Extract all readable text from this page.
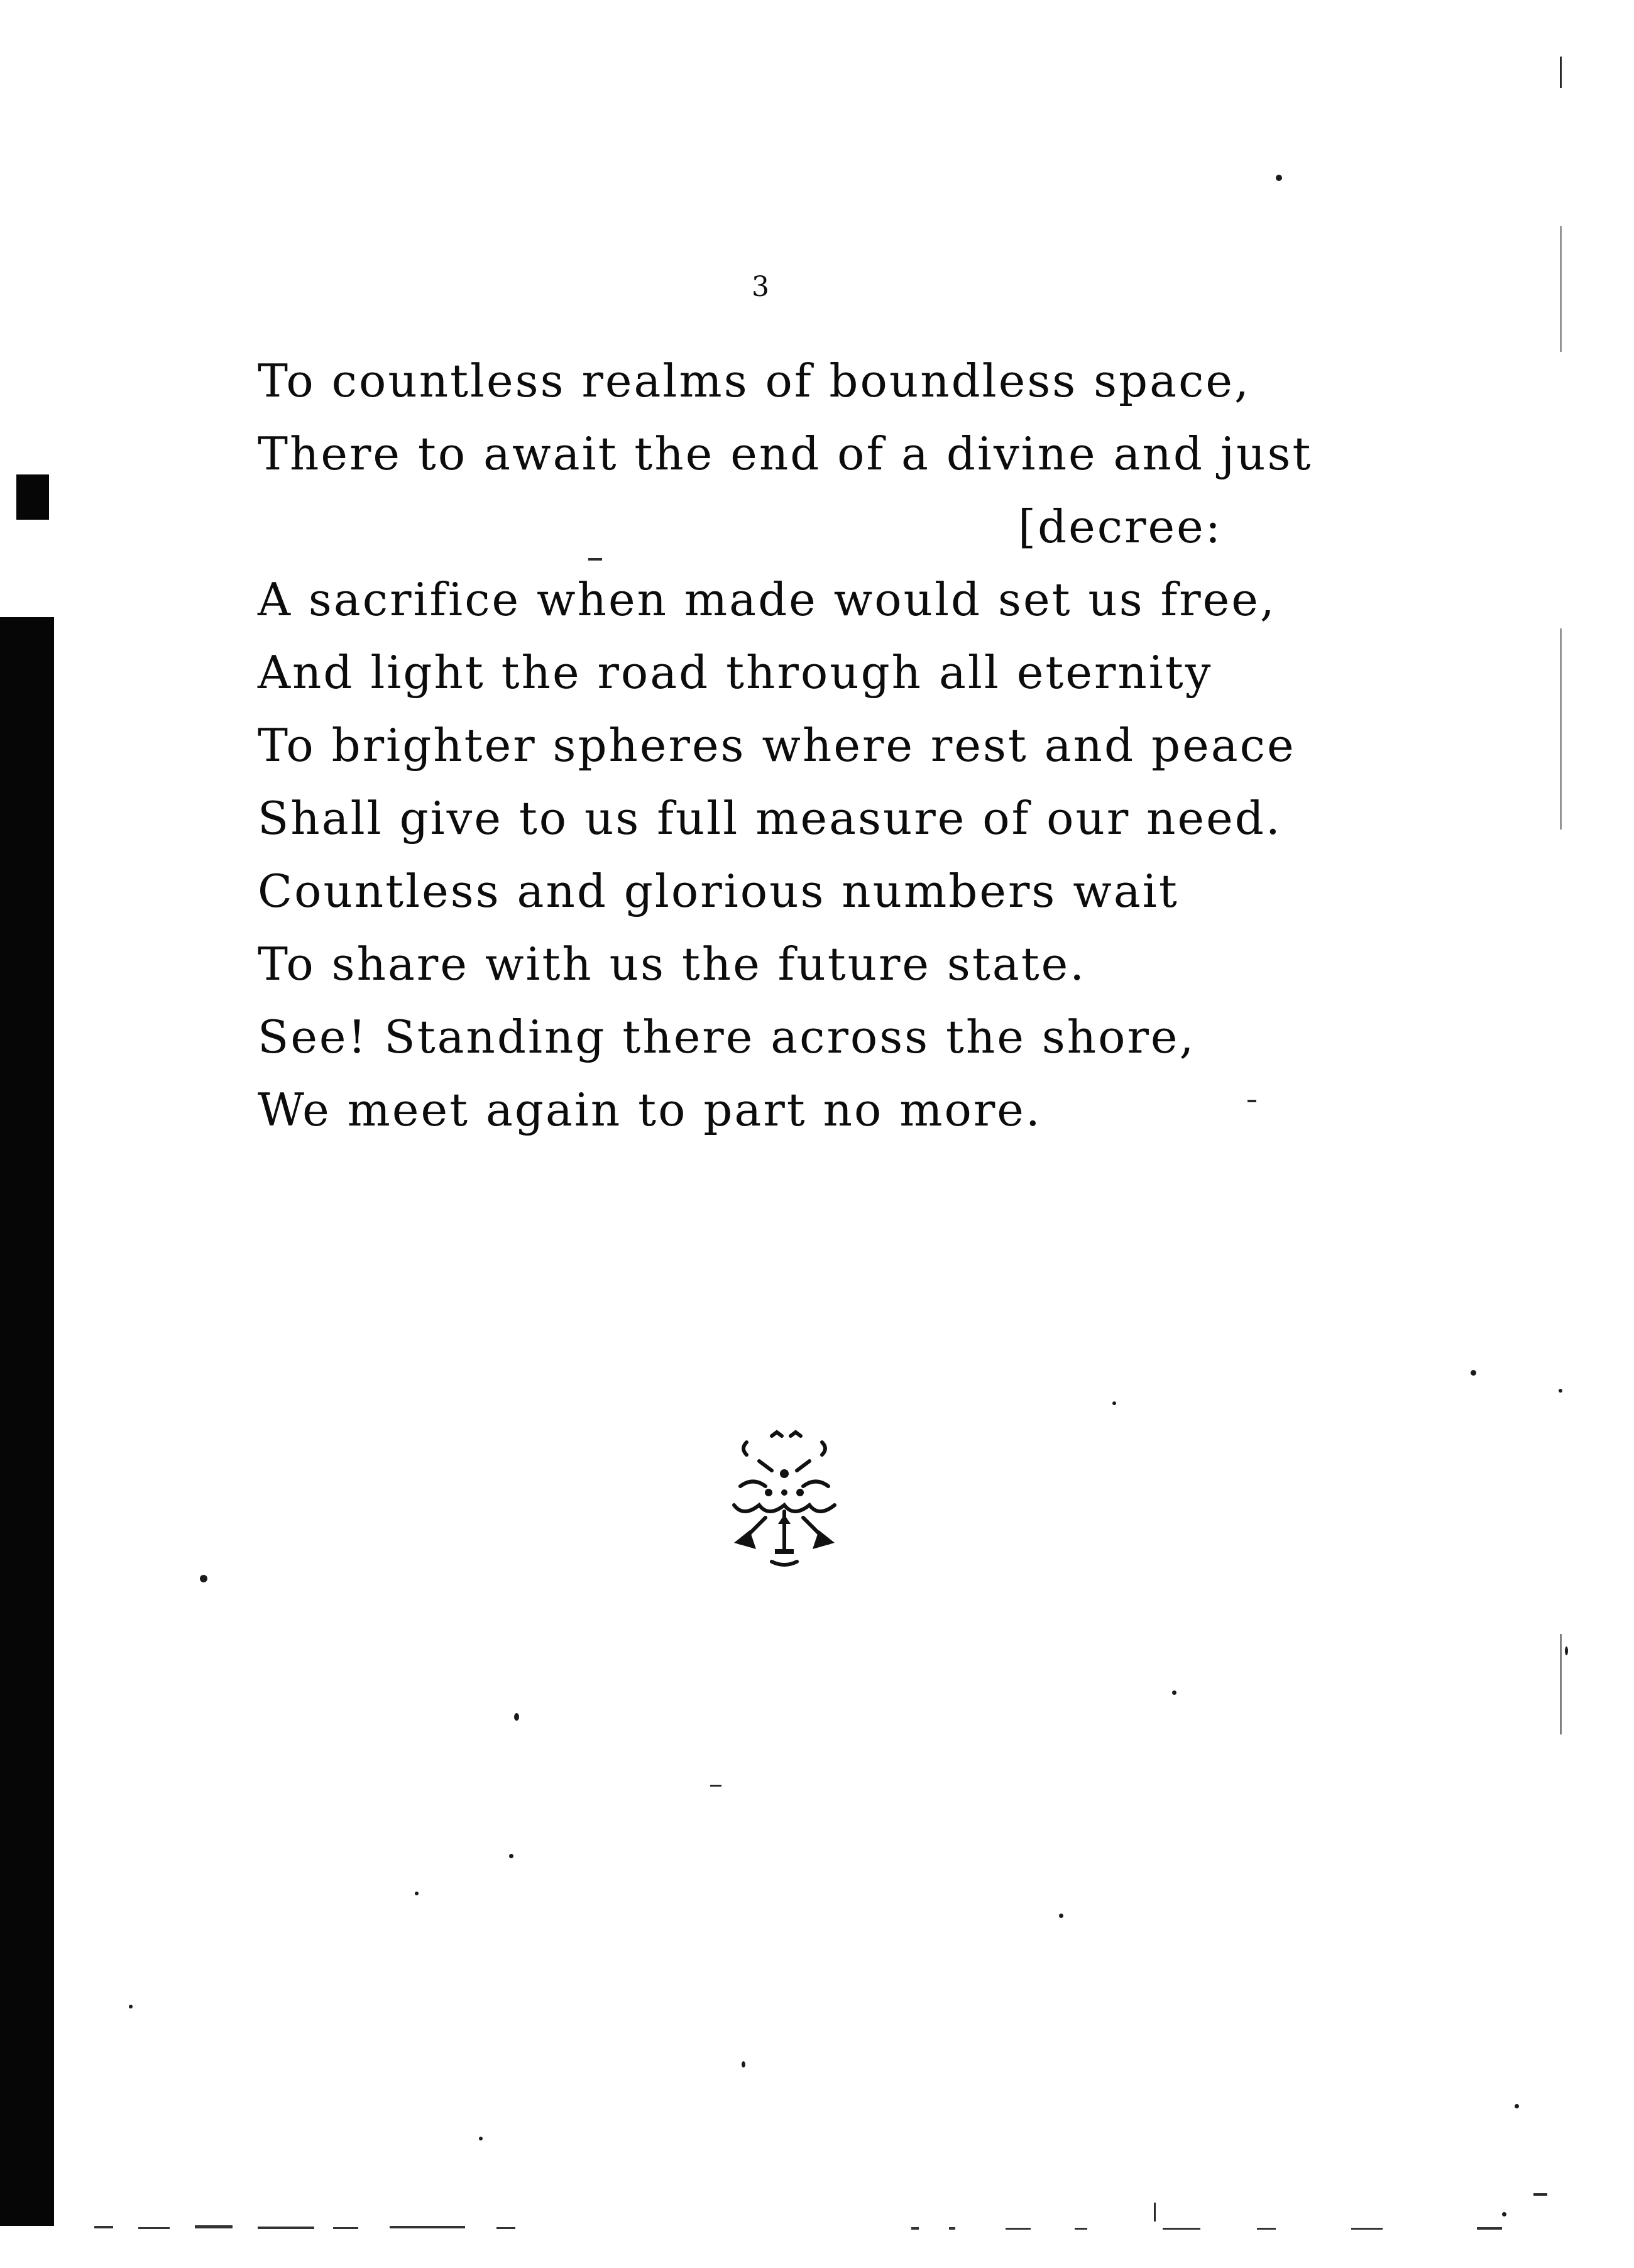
3
To countless realms of boundless space,
There to await the end of a divine and just
[decree:
A sacrifice when made would set us free,
And light the road through all eternity
To brighter spheres where rest and peace
Shall give to us full measure of our need.
Countless and glorious numbers wait
To share with us the future state.
See! Standing there across the shore,
We meet again to part no more.
